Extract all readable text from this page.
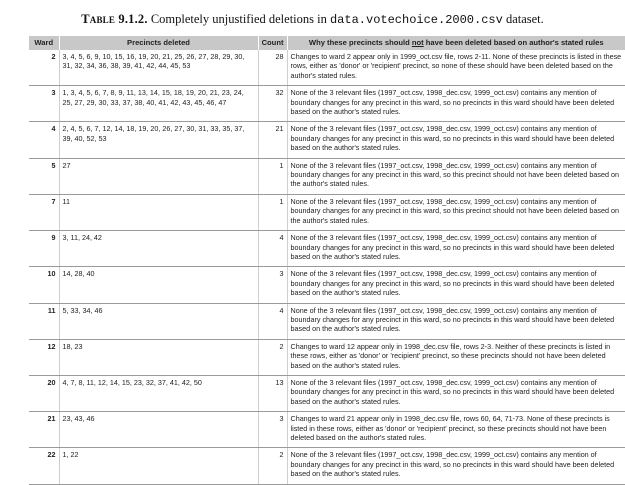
Table 9.1.2. Completely unjustified deletions in data.votechoice.2000.csv dataset.
Ward	Precincts deleted	Count	Why these precincts should not have been deleted based on author's stated rules
2	3, 4, 5, 6, 9, 10, 15, 16, 19, 20, 21, 25, 26, 27, 28, 29, 30, 31, 32, 34, 36, 38, 39, 41, 42, 44, 45, 53	28	Changes to ward 2 appear only in 1999_oct.csv file, rows 2-11. None of these precincts is listed in these rows, either as 'donor' or 'recipient' precinct, so none of these should have been deleted based on the author's stated rules.
3	1, 3, 4, 5, 6, 7, 8, 9, 11, 13, 14, 15, 18, 19, 20, 21, 23, 24, 25, 27, 29, 30, 33, 37, 38, 40, 41, 42, 43, 45, 46, 47	32	None of the 3 relevant files (1997_oct.csv, 1998_dec.csv, 1999_oct.csv) contains any mention of boundary changes for any precinct in this ward, so no precincts in this ward should have been deleted based on the author's stated rules.
4	2, 4, 5, 6, 7, 12, 14, 18, 19, 20, 26, 27, 30, 31, 33, 35, 37, 39, 40, 52, 53	21	None of the 3 relevant files (1997_oct.csv, 1998_dec.csv, 1999_oct.csv) contains any mention of boundary changes for any precinct in this ward, so no precincts in this ward should have been deleted based on the author's stated rules.
5	27	1	None of the 3 relevant files (1997_oct.csv, 1998_dec.csv, 1999_oct.csv) contains any mention of boundary changes for any precinct in this ward, so this precinct should not have been deleted based on the author's stated rules.
7	11	1	None of the 3 relevant files (1997_oct.csv, 1998_dec.csv, 1999_oct.csv) contains any mention of boundary changes for any precinct in this ward, so this precinct should not have been deleted based on the author's stated rules.
9	3, 11, 24, 42	4	None of the 3 relevant files (1997_oct.csv, 1998_dec.csv, 1999_oct.csv) contains any mention of boundary changes for any precinct in this ward, so no precincts in this ward should have been deleted based on the author's stated rules.
10	14, 28, 40	3	None of the 3 relevant files (1997_oct.csv, 1998_dec.csv, 1999_oct.csv) contains any mention of boundary changes for any precinct in this ward, so no precincts in this ward should have been deleted based on the author's stated rules.
11	5, 33, 34, 46	4	None of the 3 relevant files (1997_oct.csv, 1998_dec.csv, 1999_oct.csv) contains any mention of boundary changes for any precinct in this ward, so no precincts in this ward should have been deleted based on the author's stated rules.
12	18, 23	2	Changes to ward 12 appear only in 1998_dec.csv file, rows 2-3. Neither of these precincts is listed in these rows, either as 'donor' or 'recipient' precinct, so these precincts should not have been deleted based on the author's stated rules.
20	4, 7, 8, 11, 12, 14, 15, 23, 32, 37, 41, 42, 50	13	None of the 3 relevant files (1997_oct.csv, 1998_dec.csv, 1999_oct.csv) contains any mention of boundary changes for any precinct in this ward, so no precincts in this ward should have been deleted based on the author's stated rules.
21	23, 43, 46	3	Changes to ward 21 appear only in 1998_dec.csv file, rows 60, 64, 71-73. None of these precincts is listed in these rows, either as 'donor' or 'recipient' precinct, so these precincts should not have been deleted based on the author's stated rules.
22	1, 22	2	None of the 3 relevant files (1997_oct.csv, 1998_dec.csv, 1999_oct.csv) contains any mention of boundary changes for any precinct in this ward, so no precincts in this ward should have been deleted based on the author's stated rules.
